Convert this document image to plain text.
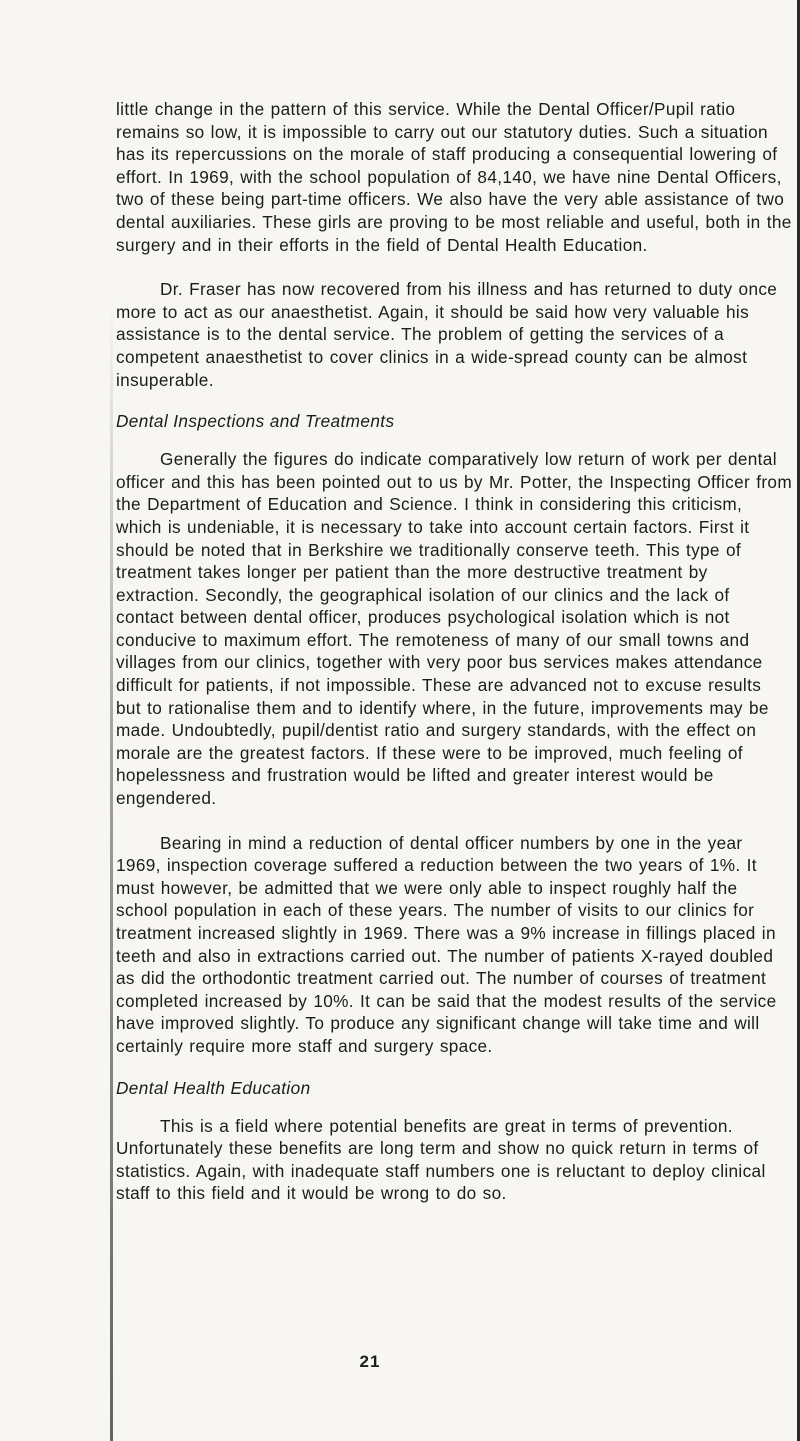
little change in the pattern of this service. While the Dental Officer/Pupil ratio remains so low, it is impossible to carry out our statutory duties. Such a situation has its repercussions on the morale of staff producing a consequential lowering of effort. In 1969, with the school population of 84,140, we have nine Dental Officers, two of these being part-time officers. We also have the very able assistance of two dental auxiliaries. These girls are proving to be most reliable and useful, both in the surgery and in their efforts in the field of Dental Health Education.

Dr. Fraser has now recovered from his illness and has returned to duty once more to act as our anaesthetist. Again, it should be said how very valuable his assistance is to the dental service. The problem of getting the services of a competent anaesthetist to cover clinics in a wide-spread county can be almost insuperable.

Dental Inspections and Treatments

Generally the figures do indicate comparatively low return of work per dental officer and this has been pointed out to us by Mr. Potter, the Inspecting Officer from the Department of Education and Science. I think in considering this criticism, which is undeniable, it is necessary to take into account certain factors. First it should be noted that in Berkshire we traditionally conserve teeth. This type of treatment takes longer per patient than the more destructive treatment by extraction. Secondly, the geographical isolation of our clinics and the lack of contact between dental officer, produces psychological isolation which is not conducive to maximum effort. The remoteness of many of our small towns and villages from our clinics, together with very poor bus services makes attendance difficult for patients, if not impossible. These are advanced not to excuse results but to rationalise them and to identify where, in the future, improvements may be made. Undoubtedly, pupil/dentist ratio and surgery standards, with the effect on morale are the greatest factors. If these were to be improved, much feeling of hopelessness and frustration would be lifted and greater interest would be engendered.

Bearing in mind a reduction of dental officer numbers by one in the year 1969, inspection coverage suffered a reduction between the two years of 1%. It must however, be admitted that we were only able to inspect roughly half the school population in each of these years. The number of visits to our clinics for treatment increased slightly in 1969. There was a 9% increase in fillings placed in teeth and also in extractions carried out. The number of patients X-rayed doubled as did the orthodontic treatment carried out. The number of courses of treatment completed increased by 10%. It can be said that the modest results of the service have improved slightly. To produce any significant change will take time and will certainly require more staff and surgery space.

Dental Health Education

This is a field where potential benefits are great in terms of prevention. Unfortunately these benefits are long term and show no quick return in terms of statistics. Again, with inadequate staff numbers one is reluctant to deploy clinical staff to this field and it would be wrong to do so.

21
